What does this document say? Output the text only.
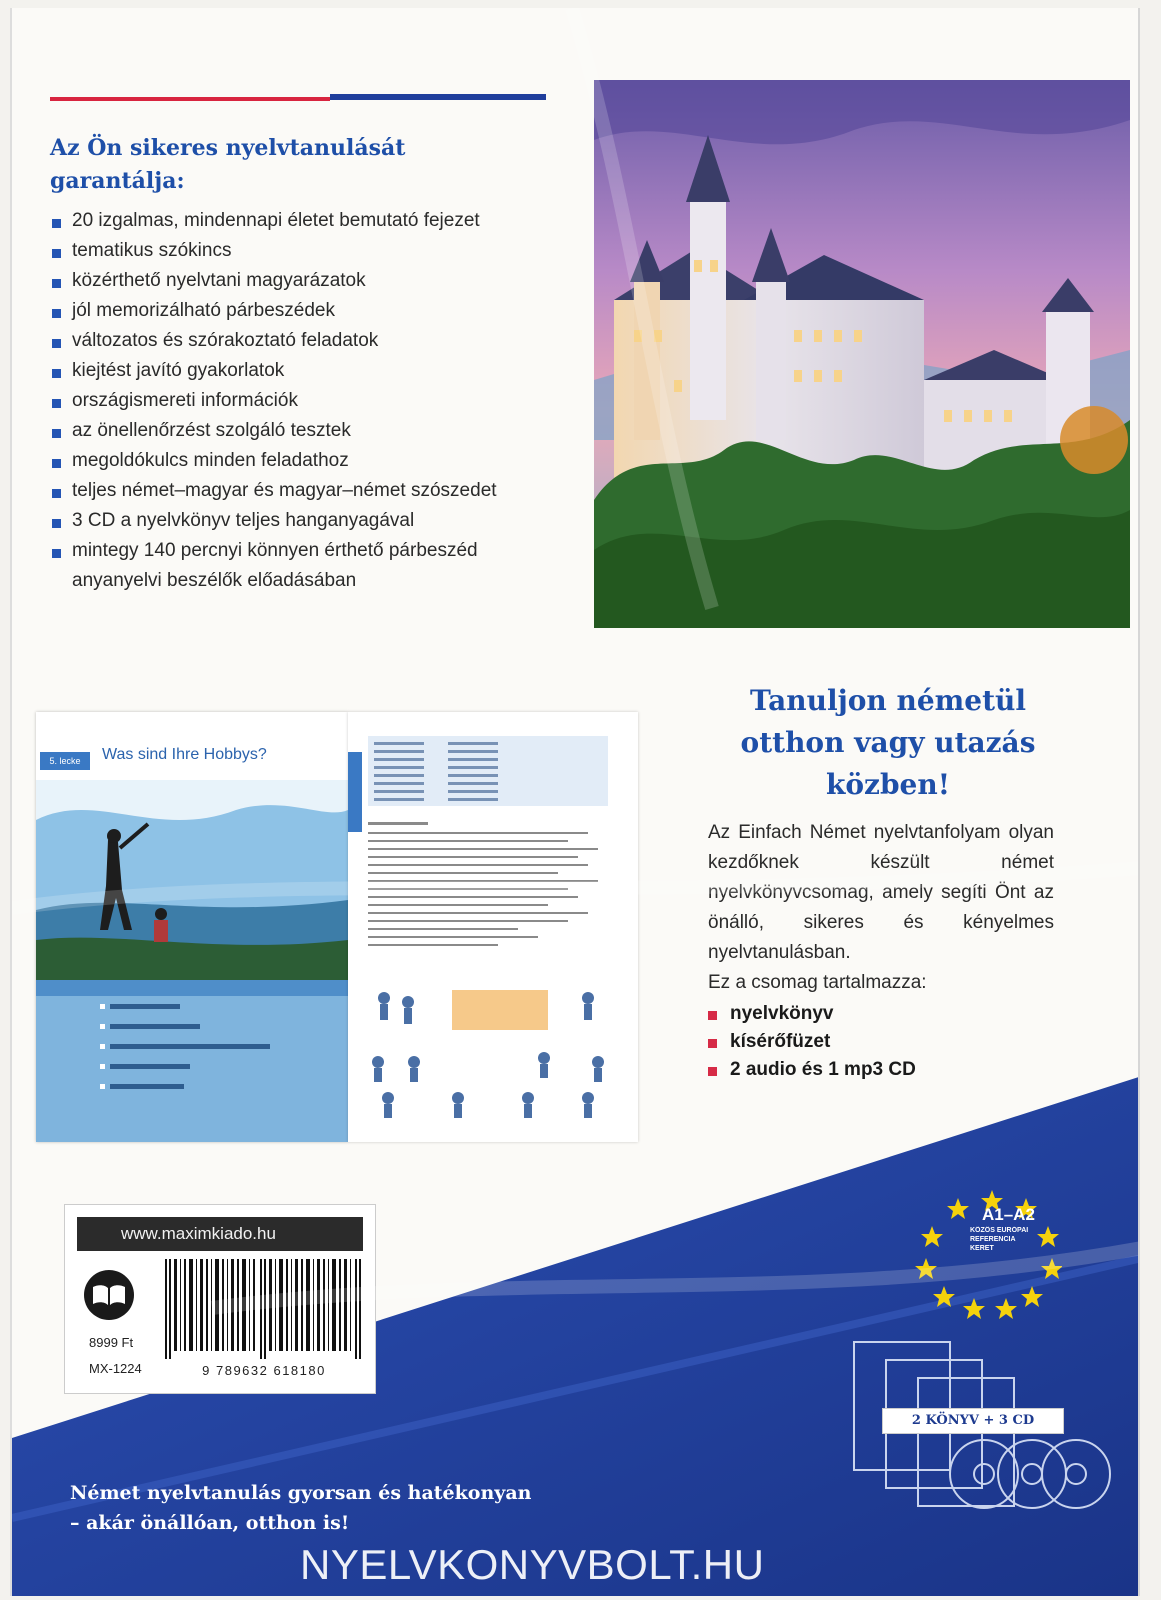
Az Ön sikeres nyelvtanulását garantálja:
20 izgalmas, mindennapi életet bemutató fejezet
tematikus szókincs
közérthető nyelvtani magyarázatok
jól memorizálható párbeszédek
változatos és szórakoztató feladatok
kiejtést javító gyakorlatok
országismereti információk
az önellenőrzést szolgáló tesztek
megoldókulcs minden feladathoz
teljes német–magyar és magyar–német szószedet
3 CD a nyelvkönyv teljes hanganyagával
mintegy 140 percnyi könnyen érthető párbeszéd anyanyelvi beszélők előadásában
5. lecke	Was sind Ihre Hobbys?
Tanuljon németül otthon vagy utazás közben!
Az Einfach Német nyelvtanfolyam olyan kezdőknek készült német nyelvkönyvcsomag, amely segíti Önt az önálló, sikeres és kényelmes nyelvtanulásban.
Ez a csomag tartalmazza:
nyelvkönyv
kísérőfüzet
2 audio és 1 mp3 CD
A1–A2
KÖZÖS EURÓPAI REFERENCIA KERET
www.maximkiado.hu
8999 Ft
MX-1224	9 789632 618180
2 KÖNYV + 3 CD
Német nyelvtanulás gyorsan és hatékonyan
– akár önállóan, otthon is!
NYELVKONYVBOLT.HU
